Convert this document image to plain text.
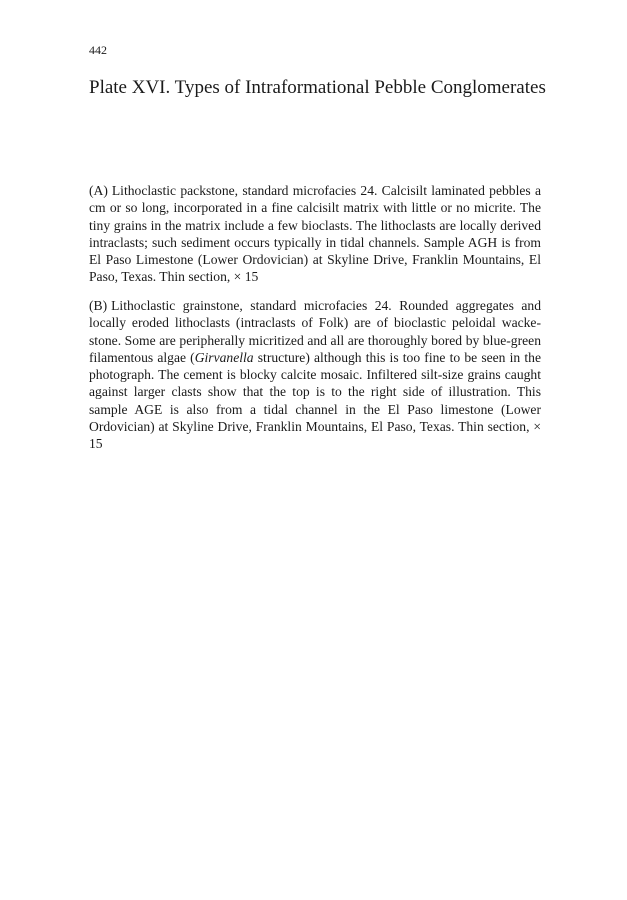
442
Plate XVI. Types of Intraformational Pebble Conglomerates

(A) Lithoclastic packstone, standard microfacies 24. Calcisilt laminated pebbles a cm or so long, incorporated in a fine calcisilt matrix with little or no micrite. The tiny grains in the matrix include a few bioclasts. The lithoclasts are locally derived intraclasts; such sediment occurs typically in tidal channels. Sample AGH is from El Paso Limestone (Lower Ordovician) at Skyline Drive, Franklin Mountains, El Paso, Texas. Thin section, × 15

(B) Lithoclastic grainstone, standard microfacies 24. Rounded aggregates and locally eroded lithoclasts (intraclasts of Folk) are of bioclastic peloidal wacke-stone. Some are peripherally micritized and all are thoroughly bored by blue-green filamentous algae (Girvanella structure) although this is too fine to be seen in the photograph. The cement is blocky calcite mosaic. Infiltered silt-size grains caught against larger clasts show that the top is to the right side of illustration. This sample AGE is also from a tidal channel in the El Paso limestone (Lower Ordovician) at Skyline Drive, Franklin Mountains, El Paso, Texas. Thin section, × 15
